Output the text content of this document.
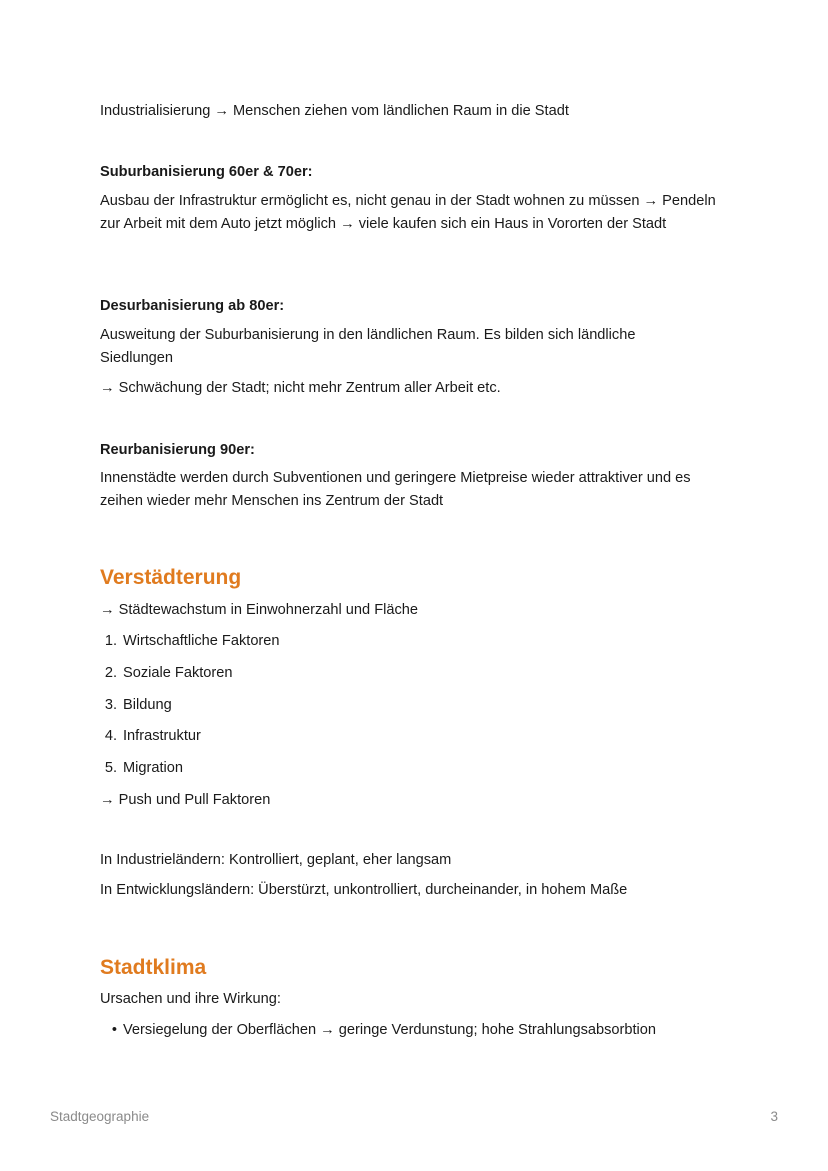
Industrialisierung → Menschen ziehen vom ländlichen Raum in die Stadt
Suburbanisierung 60er & 70er:
Ausbau der Infrastruktur ermöglicht es, nicht genau in der Stadt wohnen zu müssen → Pendeln zur Arbeit mit dem Auto jetzt möglich → viele kaufen sich ein Haus in Vororten der Stadt
Desurbanisierung ab 80er:
Ausweitung der Suburbanisierung in den ländlichen Raum. Es bilden sich ländliche Siedlungen
→ Schwächung der Stadt; nicht mehr Zentrum aller Arbeit etc.
Reurbanisierung 90er:
Innenstädte werden durch Subventionen und geringere Mietpreise wieder attraktiver und es zeihen wieder mehr Menschen ins Zentrum der Stadt
Verstädterung
→ Städtewachstum in Einwohnerzahl und Fläche
1. Wirtschaftliche Faktoren
2. Soziale Faktoren
3. Bildung
4. Infrastruktur
5. Migration
→ Push und Pull Faktoren
In Industrieländern: Kontrolliert, geplant, eher langsam
In Entwicklungsländern: Überstürzt, unkontrolliert, durcheinander, in hohem Maße
Stadtklima
Ursachen und ihre Wirkung:
• Versiegelung der Oberflächen → geringe Verdunstung; hohe Strahlungsabsorbtion
Stadtgeographie	3
